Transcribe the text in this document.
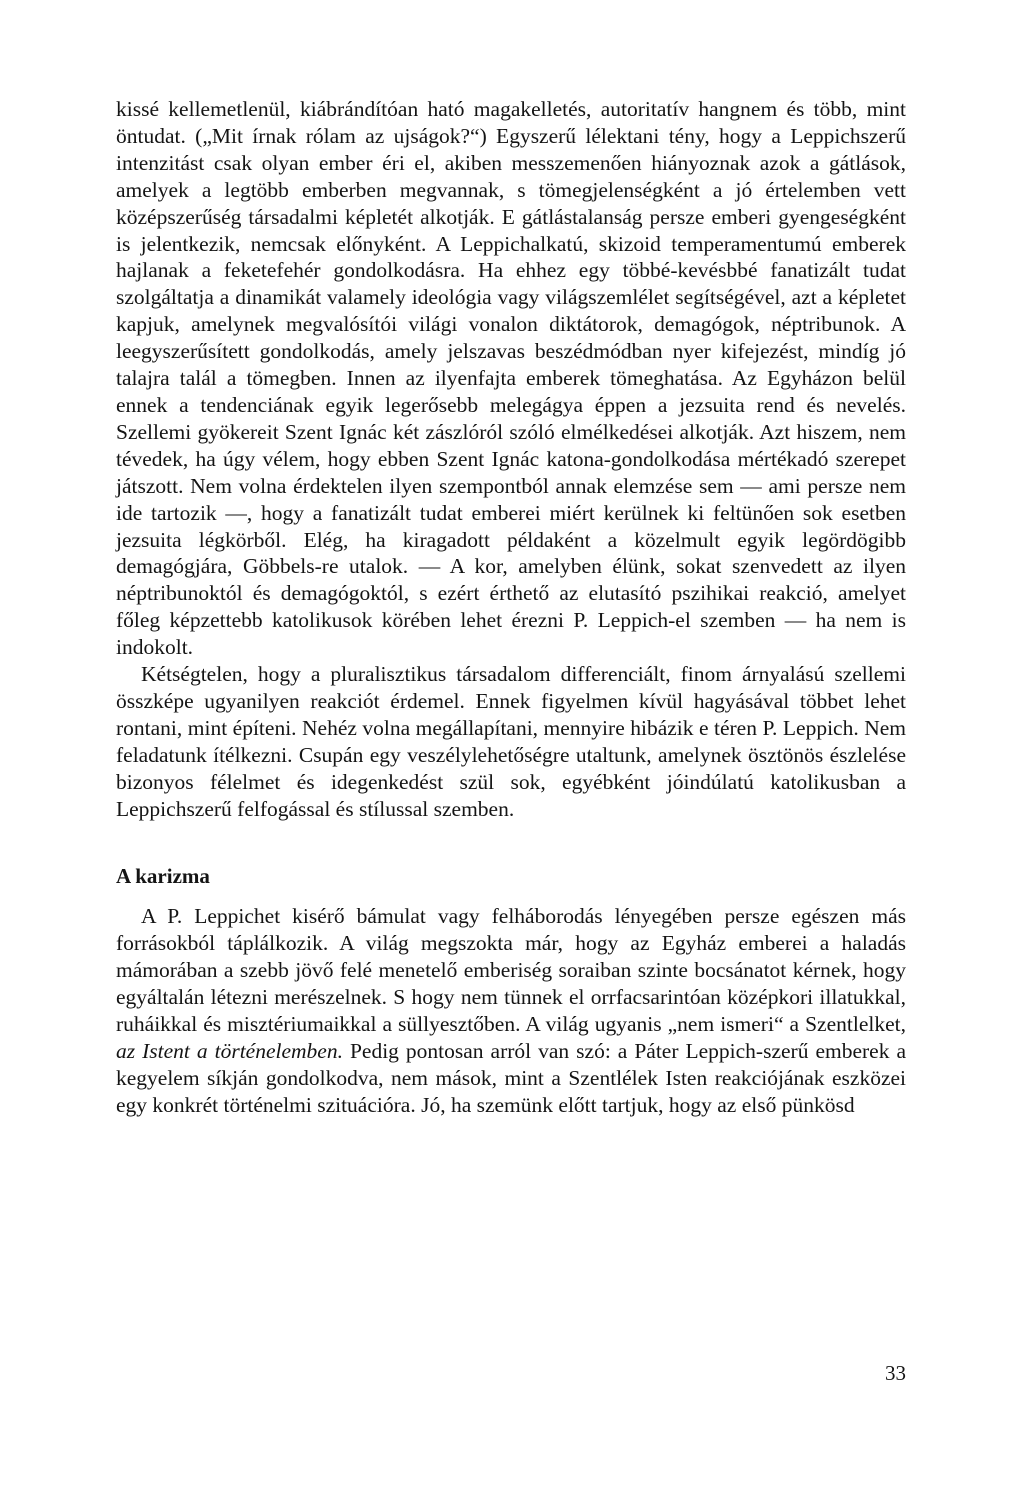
kissé kellemetlenül, kiábrándítóan ható magakelletés, autoritatív hangnem és több, mint öntudat. („Mit írnak rólam az ujságok?“) Egyszerű lélektani tény, hogy a Leppichszerű intenzitást csak olyan ember éri el, akiben messzemenően hiányoznak azok a gátlások, amelyek a legtöbb emberben megvannak, s tömegjelenségként a jó értelemben vett középszerűség társadalmi képletét alkotják. E gátlástalanság persze emberi gyengeségként is jelentkezik, nemcsak előnyként. A Leppichalkatú, skizoid temperamentumú emberek hajlanak a feketefehér gondolkodásra. Ha ehhez egy többé-kevésbbé fanatizált tudat szolgáltatja a dinamikát valamely ideológia vagy világszemlélet segítségével, azt a képletet kapjuk, amelynek megvalósítói világi vonalon diktátorok, demagógok, néptribunok. A leegyszerűsített gondolkodás, amely jelszavas beszédmódban nyer kifejezést, mindíg jó talajra talál a tömegben. Innen az ilyenfajta emberek tömeghatása. Az Egyházon belül ennek a tendenciának egyik legerősebb melegágya éppen a jezsuita rend és nevelés. Szellemi gyökereit Szent Ignác két zászlóról szóló elmélkedései alkotják. Azt hiszem, nem tévedek, ha úgy vélem, hogy ebben Szent Ignác katona-gondolkodása mértékadó szerepet játszott. Nem volna érdektelen ilyen szempontból annak elemzése sem — ami persze nem ide tartozik —, hogy a fanatizált tudat emberei miért kerülnek ki feltünően sok esetben jezsuita légkörből. Elég, ha kiragadott példaként a közelmult egyik legördögibb demagógjára, Göbbels-re utalok. — A kor, amelyben élünk, sokat szenvedett az ilyen néptribunoktól és demagógoktól, s ezért érthető az elutasító pszihikai reakció, amelyet főleg képzettebb katolikusok körében lehet érezni P. Leppich-el szemben — ha nem is indokolt.

Kétségtelen, hogy a pluralisztikus társadalom differenciált, finom árnyalású szellemi összképe ugyanilyen reakciót érdemel. Ennek figyelmen kívül hagyásával többet lehet rontani, mint építeni. Nehéz volna megállapítani, mennyire hibázik e téren P. Leppich. Nem feladatunk ítélkezni. Csupán egy veszélylehetőségre utaltunk, amelynek ösztönös észlelése bizonyos félelmet és idegenkedést szül sok, egyébként jóindúlatú katolikusban a Leppichszerű felfogással és stílussal szemben.

A karizma

A P. Leppichet kisérő bámulat vagy felháborodás lényegében persze egészen más forrásokból táplálkozik. A világ megszokta már, hogy az Egyház emberei a haladás mámorában a szebb jövő felé menetelő emberiség soraiban szinte bocsánatot kérnek, hogy egyáltalán létezni merészelnek. S hogy nem tünnek el orrfacsarintóan középkori illatukkal, ruháikkal és misztériumaikkal a süllyesztőben. A világ ugyanis „nem ismeri“ a Szentlelket, az Istent a történelemben. Pedig pontosan arról van szó: a Páter Leppich-szerű emberek a kegyelem síkján gondolkodva, nem mások, mint a Szentlélek Isten reakciójának eszközei egy konkrét történelmi szituációra. Jó, ha szemünk előtt tartjuk, hogy az első pünkösd

33
